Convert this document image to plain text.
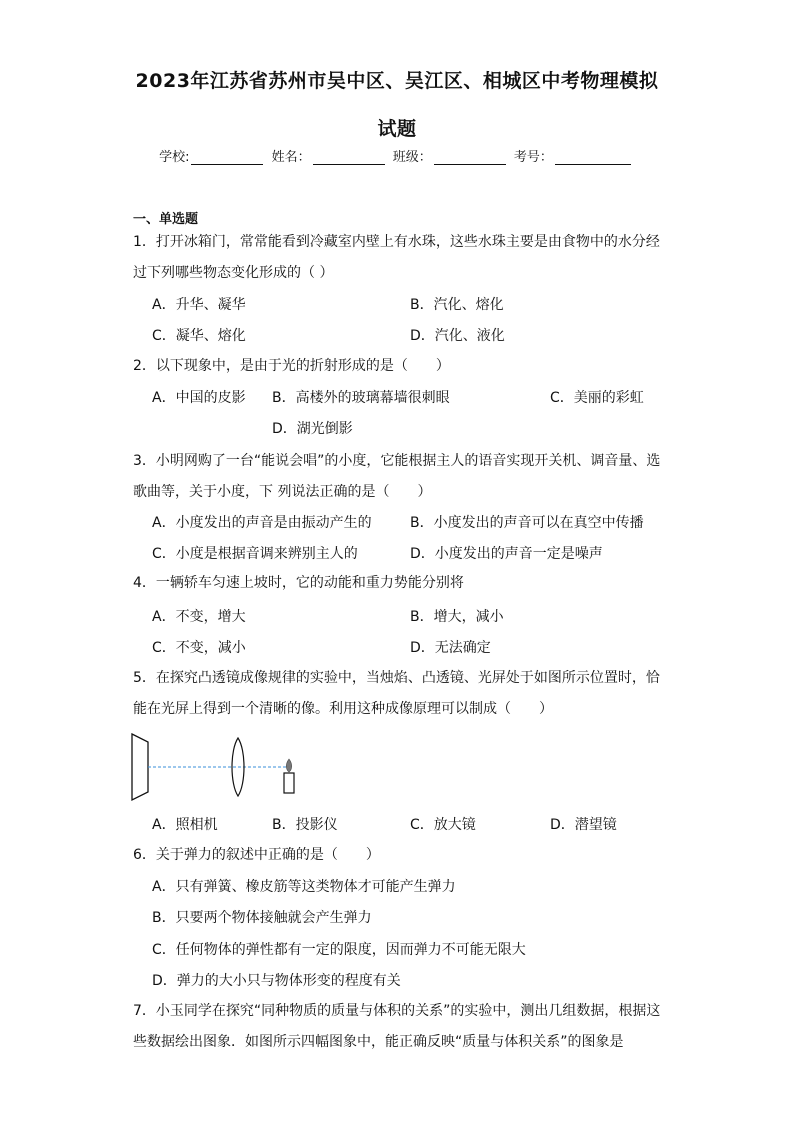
2023年江苏省苏州市吴中区、吴江区、相城区中考物理模拟
试题
学校:	姓名：	班级：	考号：
一、单选题
1．打开冰箱门，常常能看到冷藏室内壁上有水珠，这些水珠主要是由食物中的水分经过下列哪些物态变化形成的（ ）
A．升华、凝华	B．汽化、熔化
C．凝华、熔化	D．汽化、液化
2．以下现象中，是由于光的折射形成的是（　　）
A．中国的皮影 B．高楼外的玻璃幕墙很刺眼	C．美丽的彩虹
D．湖光倒影
3．小明网购了一台“能说会唱”的小度，它能根据主人的语音实现开关机、调音量、选歌曲等，关于小度，下 列说法正确的是（　　）
A．小度发出的声音是由振动产生的	B．小度发出的声音可以在真空中传播
C．小度是根据音调来辨别主人的	D．小度发出的声音一定是噪声
4．一辆轿车匀速上坡时，它的动能和重力势能分别将
A．不变，增大	B．增大，减小
C．不变，减小	D．无法确定
5．在探究凸透镜成像规律的实验中，当烛焰、凸透镜、光屏处于如图所示位置时，恰能在光屏上得到一个清晰的像。利用这种成像原理可以制成（　　）
A．照相机	B．投影仪	C．放大镜	D．潜望镜
6．关于弹力的叙述中正确的是（　　）
A．只有弹簧、橡皮筋等这类物体才可能产生弹力
B．只要两个物体接触就会产生弹力
C．任何物体的弹性都有一定的限度，因而弹力不可能无限大
D．弹力的大小只与物体形变的程度有关
7．小玉同学在探究“同种物质的质量与体积的关系”的实验中，测出几组数据，根据这些数据绘出图象．如图所示四幅图象中，能正确反映“质量与体积关系”的图象是
